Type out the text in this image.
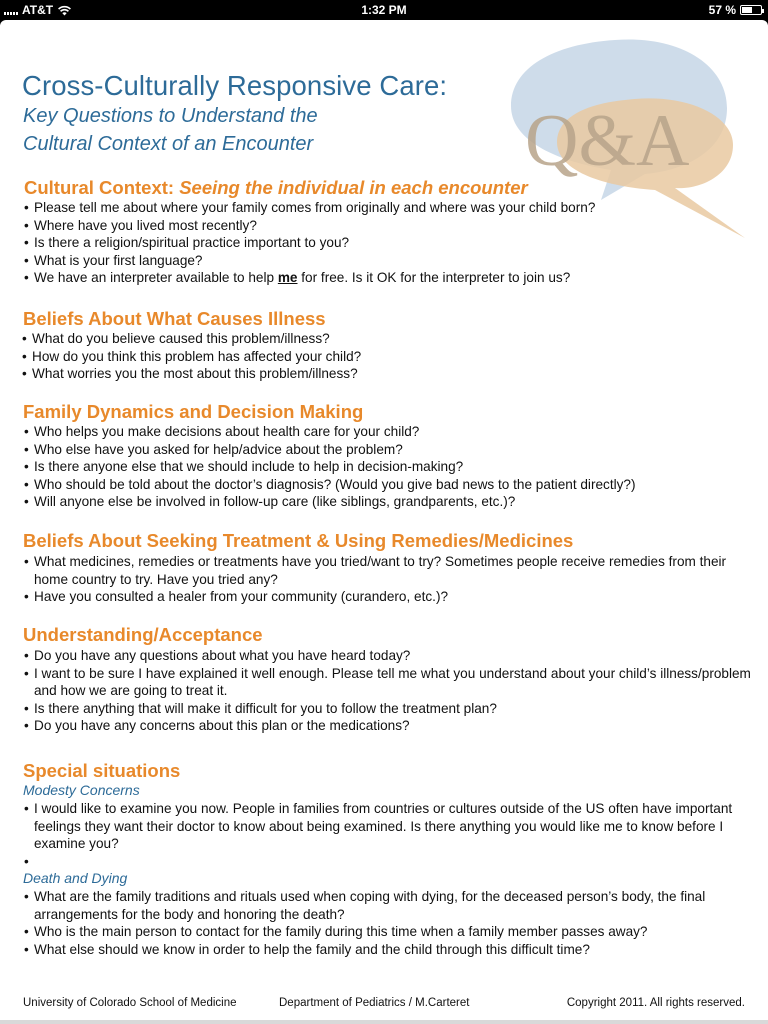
AT&T	1:32 PM	57 %
Q&A
Cross-Culturally Responsive Care:
Key Questions to Understand the
Cultural Context of an Encounter
Cultural Context: Seeing the individual in each encounter
• Please tell me about where your family comes from originally and where was your child born?
• Where have you lived most recently?
• Is there a religion/spiritual practice important to you?
• What is your first language?
• We have an interpreter available to help me for free. Is it OK for the interpreter to join us?
Beliefs About What Causes Illness
• What do you believe caused this problem/illness?
• How do you think this problem has affected your child?
• What worries you the most about this problem/illness?
Family Dynamics and Decision Making
• Who helps you make decisions about health care for your child?
• Who else have you asked for help/advice about the problem?
• Is there anyone else that we should include to help in decision-making?
• Who should be told about the doctor’s diagnosis? (Would you give bad news to the patient directly?)
• Will anyone else be involved in follow-up care (like siblings, grandparents, etc.)?
Beliefs About Seeking Treatment & Using Remedies/Medicines
• What medicines, remedies or treatments have you tried/want to try? Sometimes people receive remedies from their home country to try. Have you tried any?
• Have you consulted a healer from your community (curandero, etc.)?
Understanding/Acceptance
• Do you have any questions about what you have heard today?
• I want to be sure I have explained it well enough. Please tell me what you understand about your child’s illness/problem and how we are going to treat it.
• Is there anything that will make it difficult for you to follow the treatment plan?
• Do you have any concerns about this plan or the medications?
Special situations
Modesty Concerns
• I would like to examine you now. People in families from countries or cultures outside of the US often have important feelings they want their doctor to know about being examined. Is there anything you would like me to know before I examine you?
•

Death and Dying
• What are the family traditions and rituals used when coping with dying, for the deceased person’s body, the final arrangements for the body and honoring the death?
• Who is the main person to contact for the family during this time when a family member passes away?
• What else should we know in order to help the family and the child through this difficult time?
University of Colorado School of Medicine	Department of Pediatrics / M.Carteret	Copyright 2011. All rights reserved.
